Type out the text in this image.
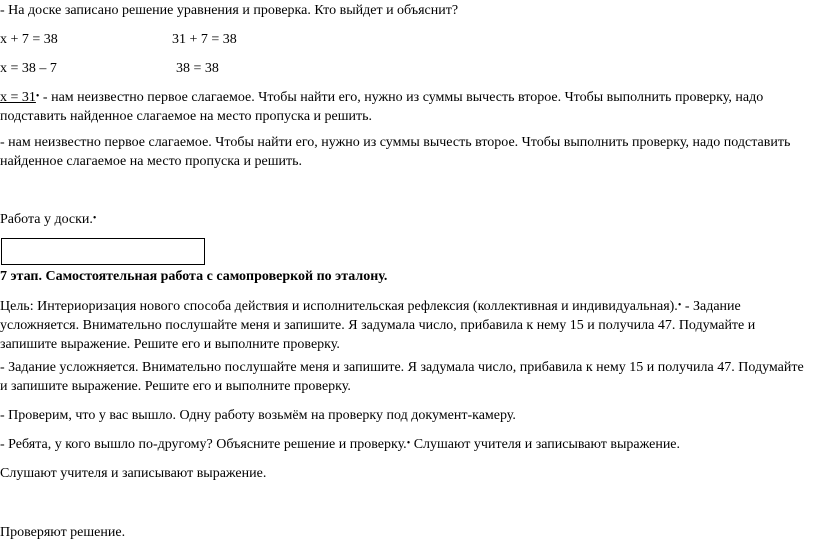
- На доске записано решение уравнения и проверка. Кто выйдет и объяснит?
x + 7 = 38	31 + 7 = 38
x = 38 – 7	38 = 38
x = 31• - нам неизвестно первое слагаемое. Чтобы найти его, нужно из суммы вычесть второе. Чтобы выполнить проверку, надо подставить найденное слагаемое на место пропуска и решить.
- нам неизвестно первое слагаемое. Чтобы найти его, нужно из суммы вычесть второе. Чтобы выполнить проверку, надо подставить найденное слагаемое на место пропуска и решить.
Работа у доски.•
7 этап. Самостоятельная работа с самопроверкой по эталону.
Цель: Интериоризация нового способа действия и исполнительская рефлексия (коллективная и индивидуальная).• - Задание усложняется. Внимательно послушайте меня и запишите. Я задумала число, прибавила к нему 15 и получила 47. Подумайте и запишите выражение. Решите его и выполните проверку.
- Задание усложняется. Внимательно послушайте меня и запишите. Я задумала число, прибавила к нему 15 и получила 47. Подумайте и запишите выражение. Решите его и выполните проверку.
- Проверим, что у вас вышло. Одну работу возьмём на проверку под документ-камеру.
- Ребята, у кого вышло по-другому? Объясните решение и проверку.• Слушают учителя и записывают выражение.
Слушают учителя и записывают выражение.
Проверяют решение.
